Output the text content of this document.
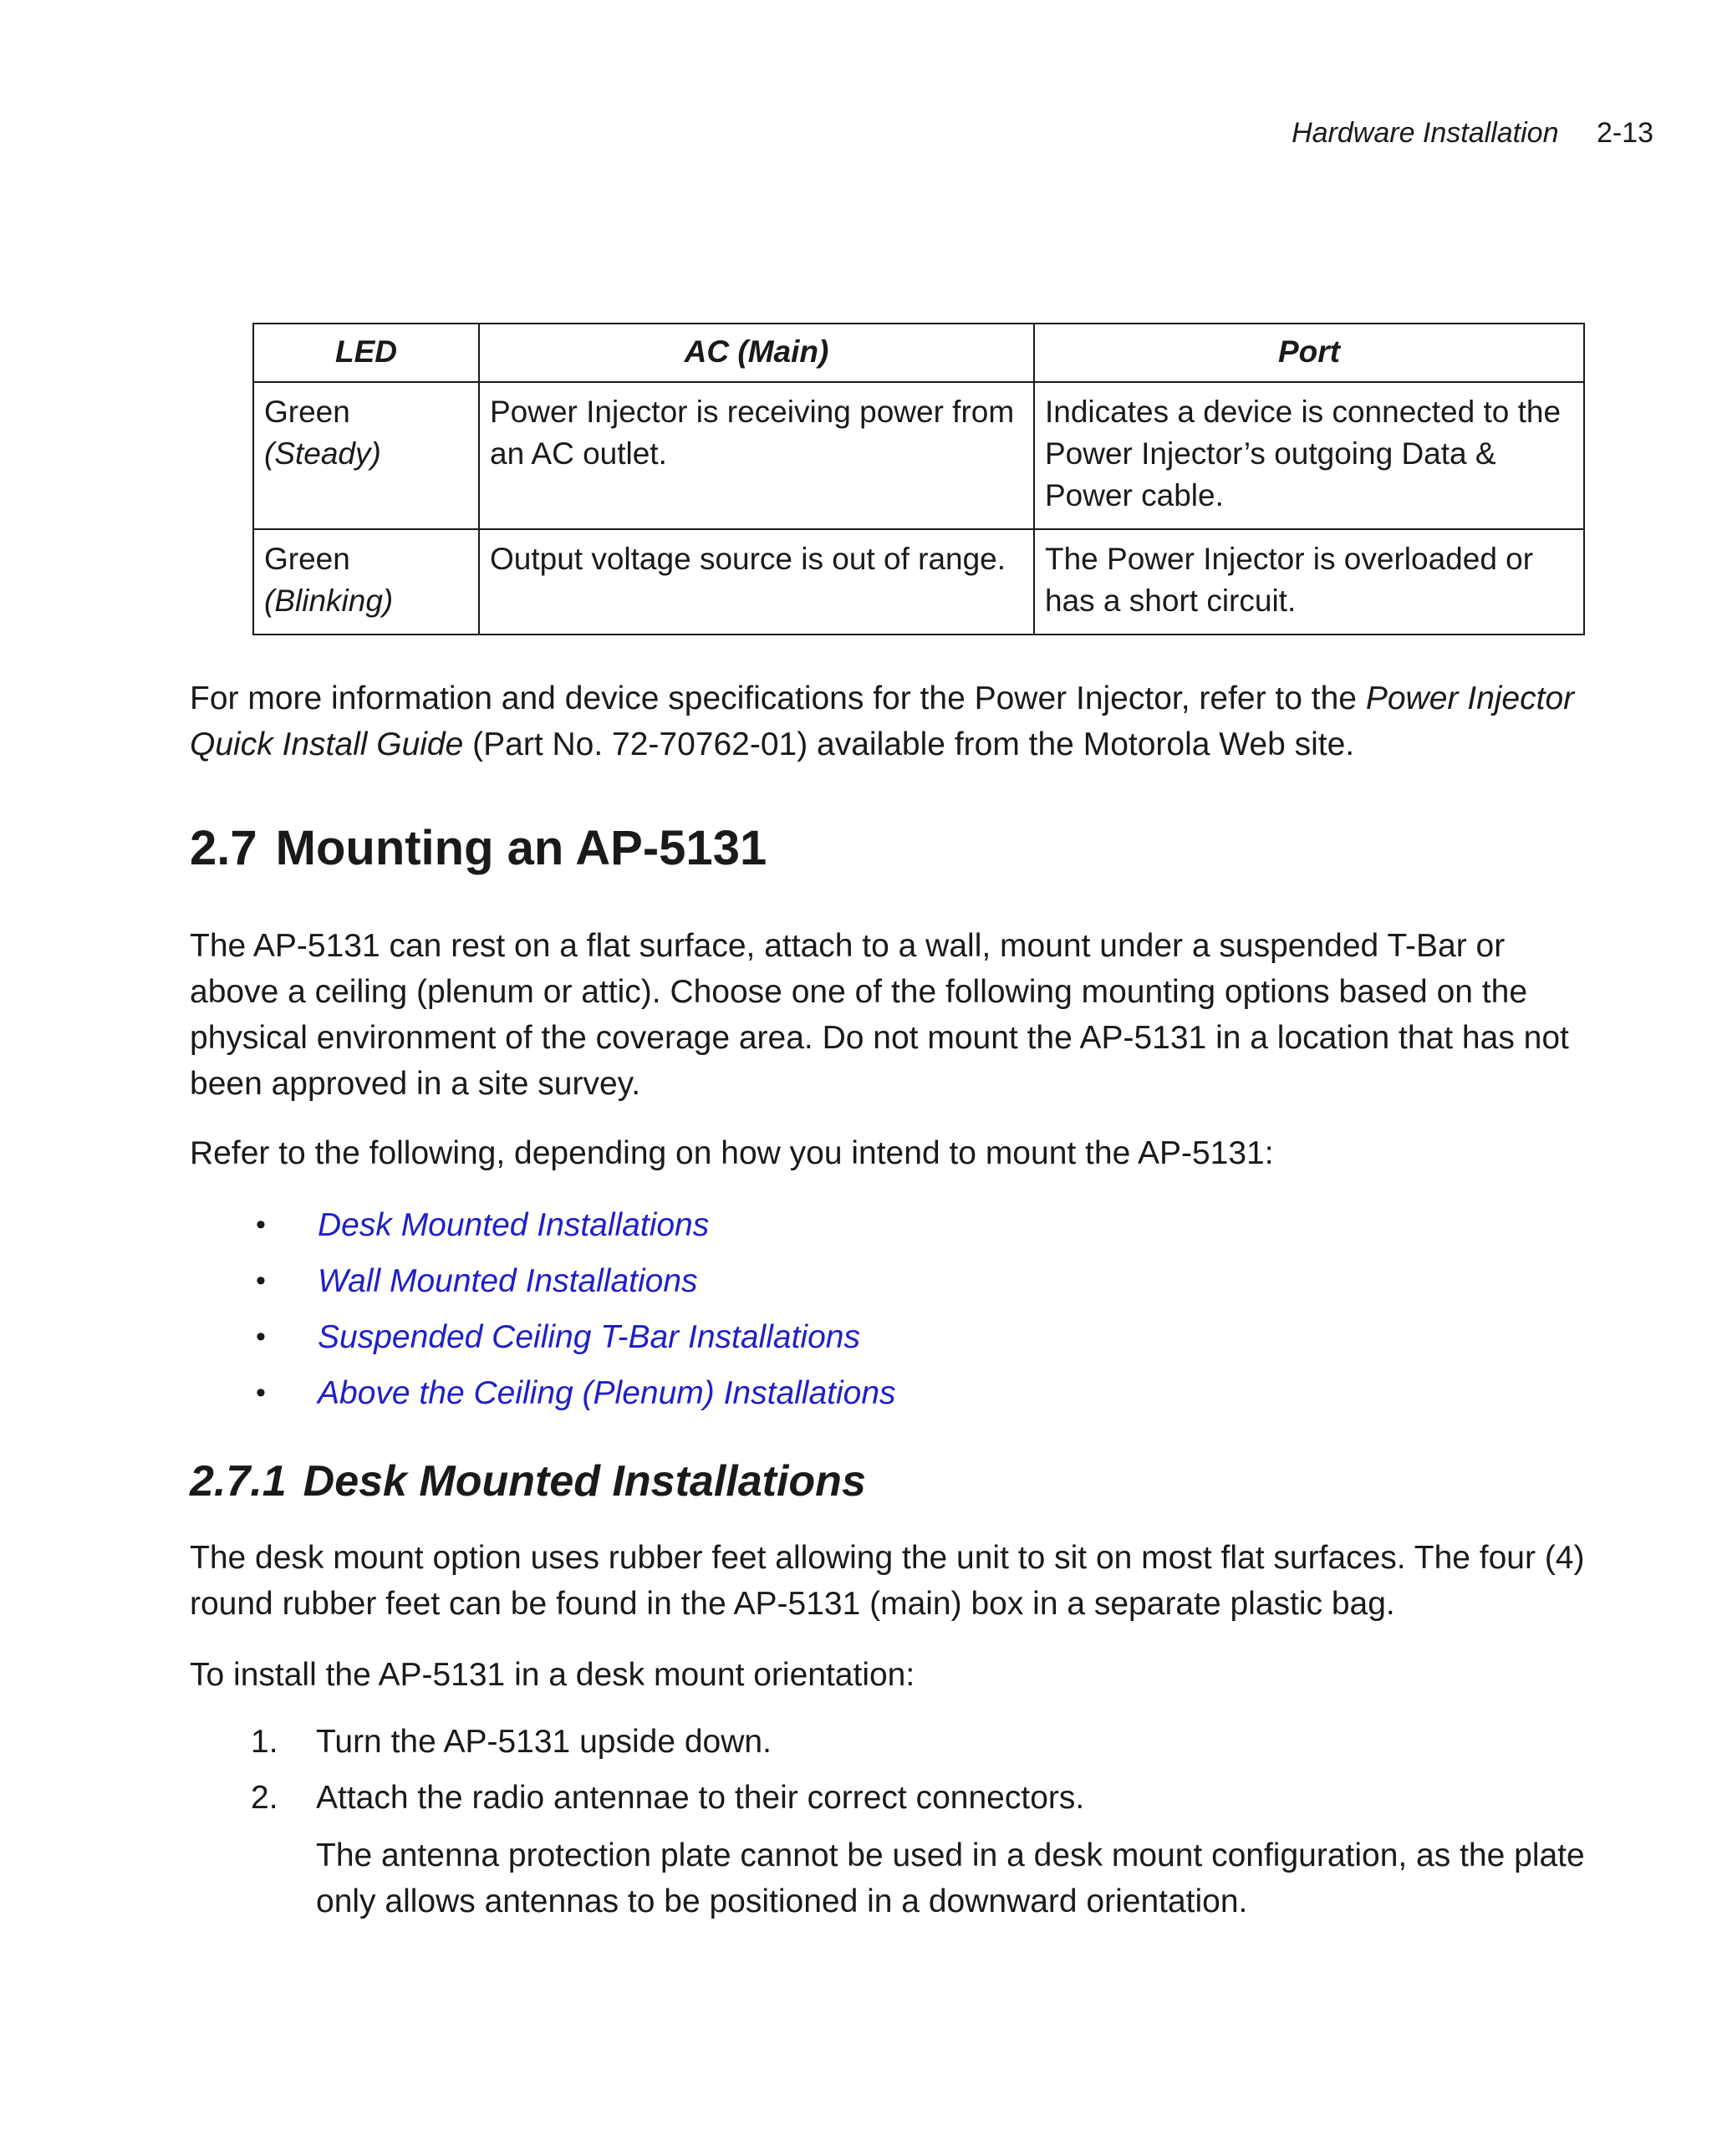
Hardware Installation 2-13
LED	AC (Main)	Port
Green (Steady)	Power Injector is receiving power from an AC outlet.	Indicates a device is connected to the Power Injector’s outgoing Data & Power cable.
Green (Blinking)	Output voltage source is out of range.	The Power Injector is overloaded or has a short circuit.

For more information and device specifications for the Power Injector, refer to the Power Injector Quick Install Guide (Part No. 72-70762-01) available from the Motorola Web site.

2.7 Mounting an AP-5131

The AP-5131 can rest on a flat surface, attach to a wall, mount under a suspended T-Bar or above a ceiling (plenum or attic). Choose one of the following mounting options based on the physical environment of the coverage area. Do not mount the AP-5131 in a location that has not been approved in a site survey.

Refer to the following, depending on how you intend to mount the AP-5131:

• Desk Mounted Installations
• Wall Mounted Installations
• Suspended Ceiling T-Bar Installations
• Above the Ceiling (Plenum) Installations
2.7.1 Desk Mounted Installations

The desk mount option uses rubber feet allowing the unit to sit on most flat surfaces. The four (4) round rubber feet can be found in the AP-5131 (main) box in a separate plastic bag.

To install the AP-5131 in a desk mount orientation:

1. Turn the AP-5131 upside down.
2. Attach the radio antennae to their correct connectors.

The antenna protection plate cannot be used in a desk mount configuration, as the plate only allows antennas to be positioned in a downward orientation.
